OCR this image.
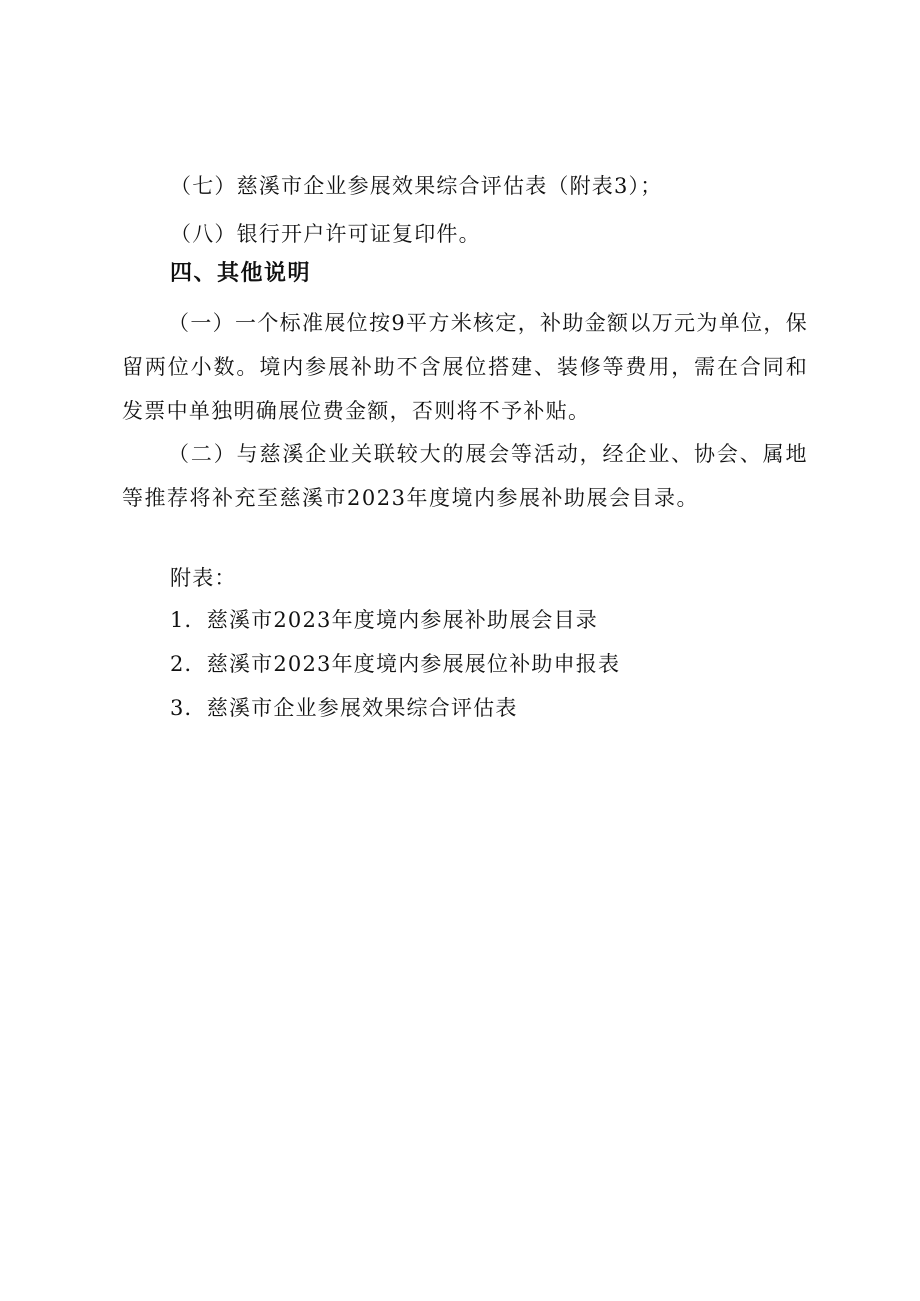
（七）慈溪市企业参展效果综合评估表（附表3）；
（八）银行开户许可证复印件。
四、其他说明
（一）一个标准展位按9平方米核定，补助金额以万元为单位，保留两位小数。境内参展补助不含展位搭建、装修等费用，需在合同和发票中单独明确展位费金额，否则将不予补贴。
（二）与慈溪企业关联较大的展会等活动，经企业、协会、属地等推荐将补充至慈溪市2023年度境内参展补助展会目录。
附表：
1．慈溪市2023年度境内参展补助展会目录
2．慈溪市2023年度境内参展展位补助申报表
3．慈溪市企业参展效果综合评估表
